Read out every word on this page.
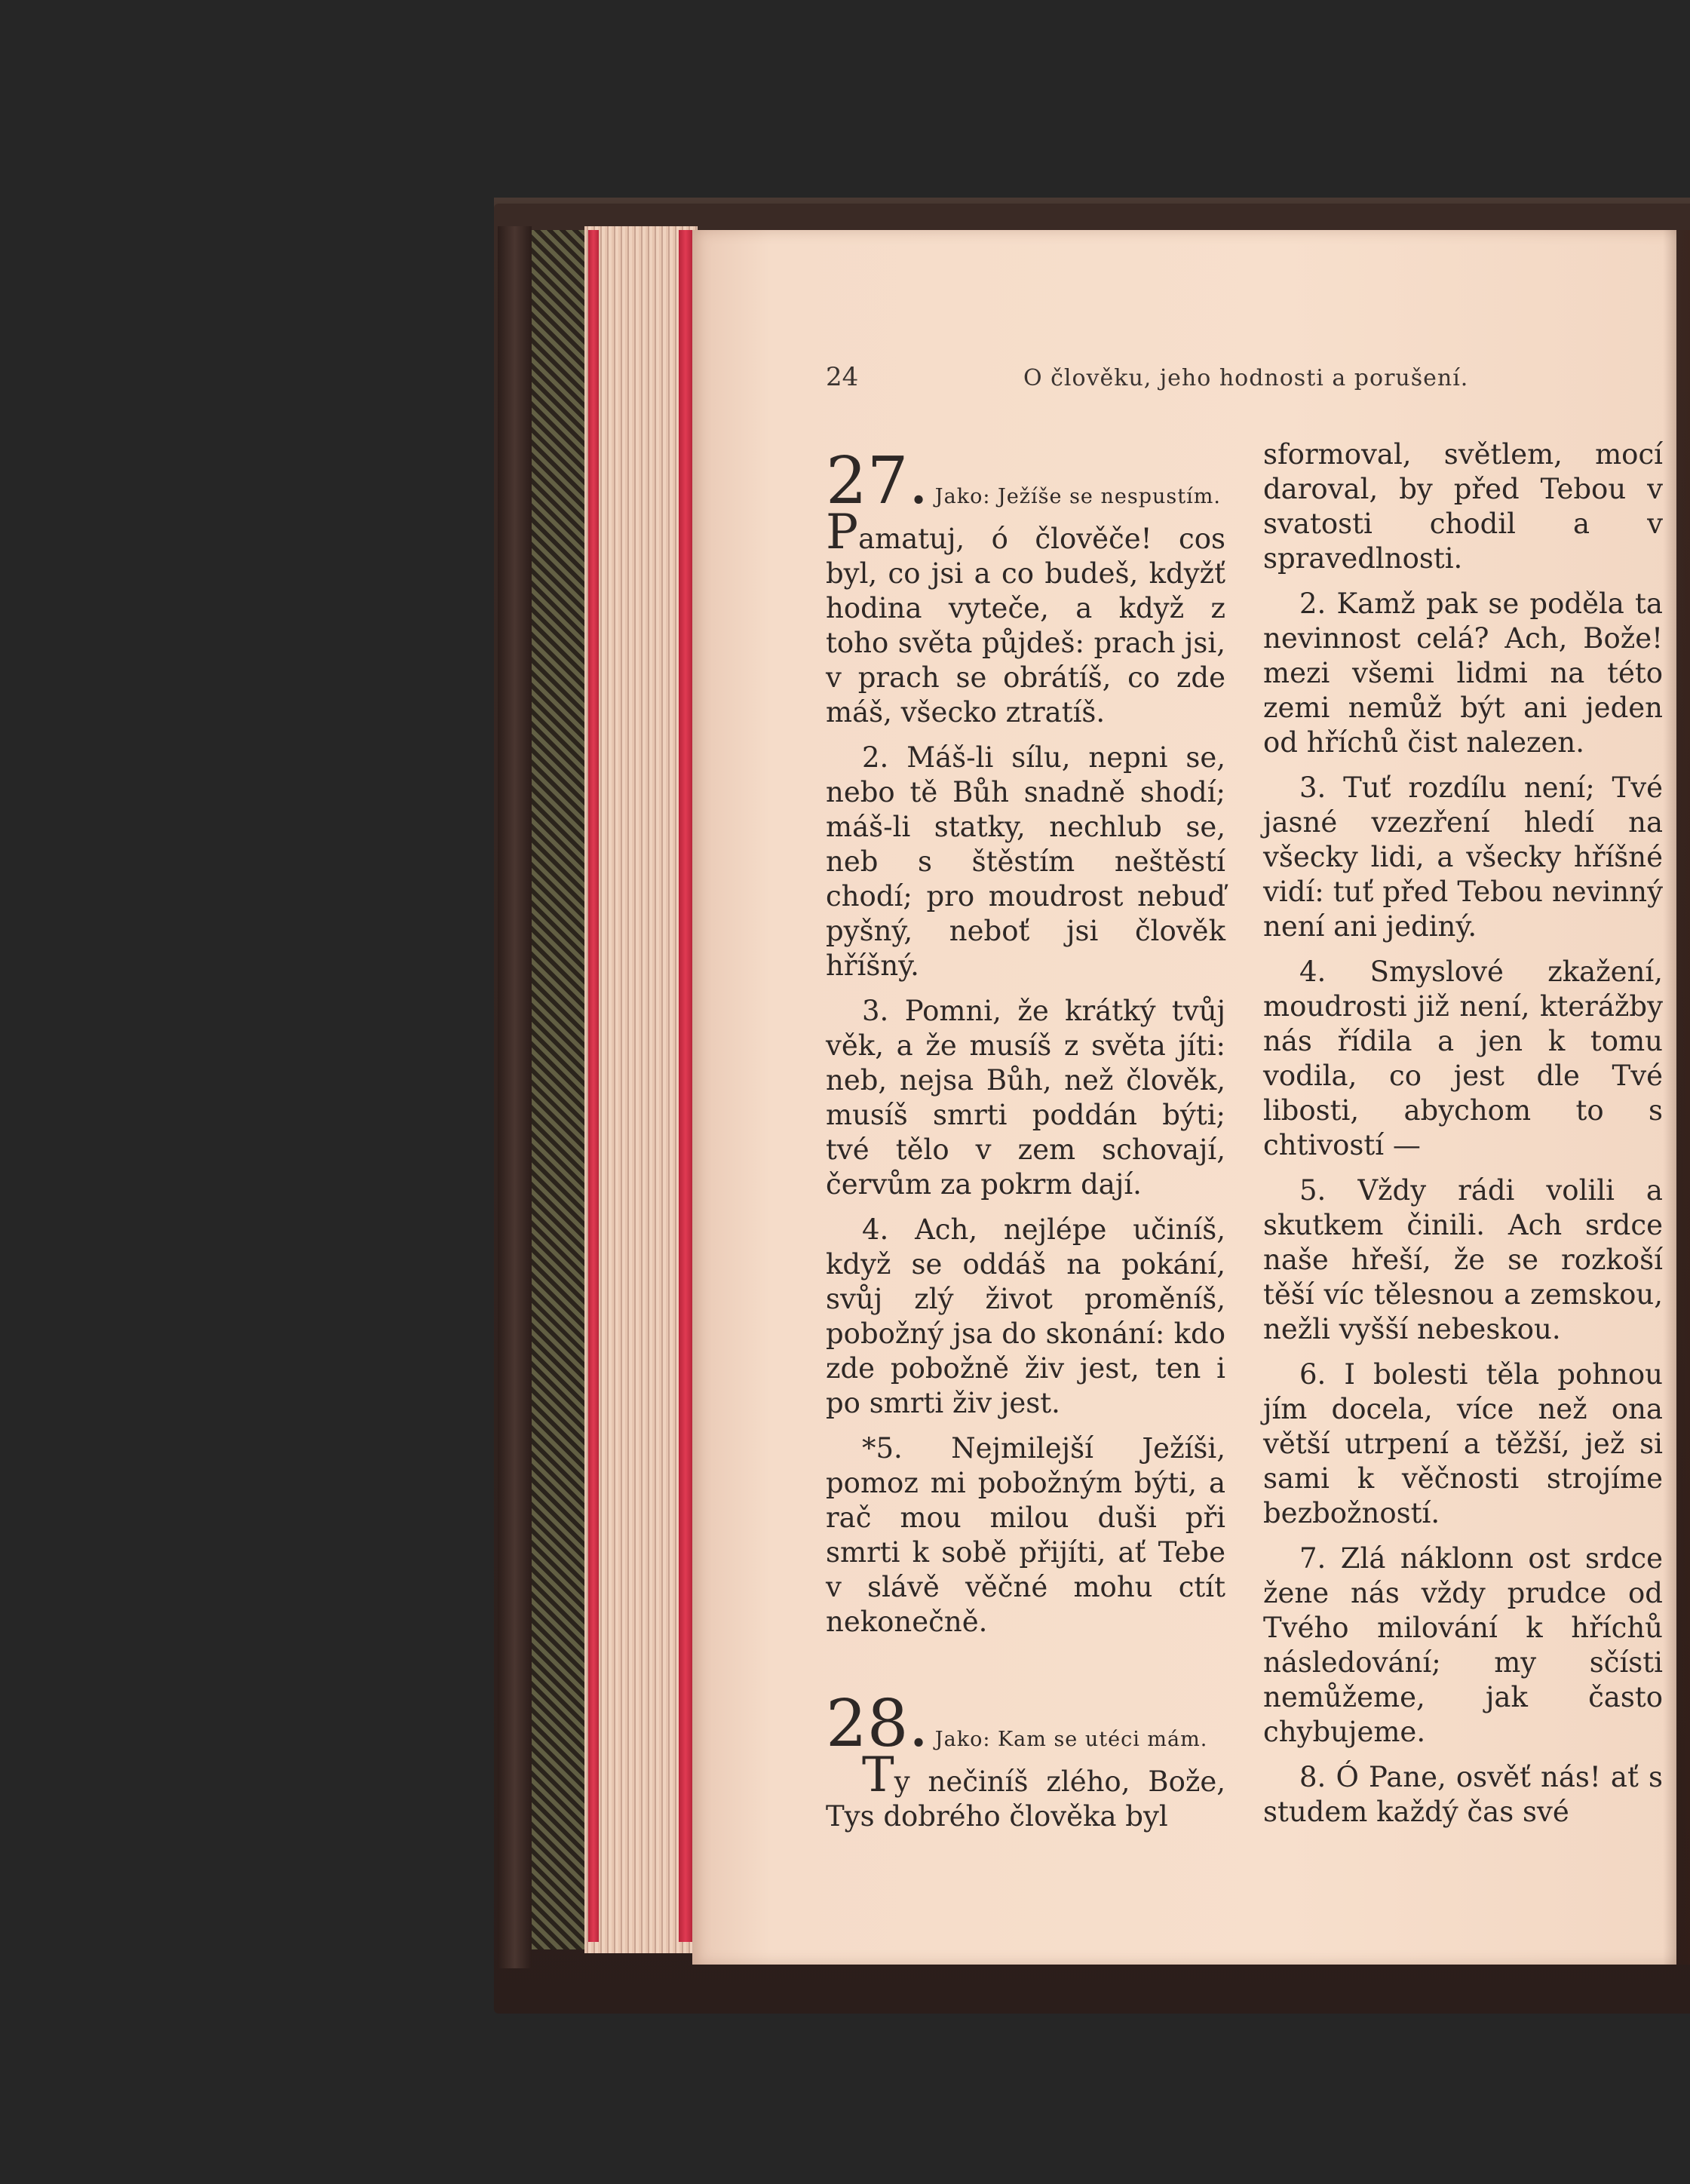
24	O člověku, jeho hodnosti a porušení.
27. Jako: Ježíše se nespustím.

Pamatuj, ó člověče! cos byl, co jsi a co budeš, kdyžť hodina vyteče, a když z toho světa půjdeš: prach jsi, v prach se obrátíš, co zde máš, všecko ztratíš.

2. Máš-li sílu, nepni se, nebo tě Bůh snadně shodí; máš-li statky, nechlub se, neb s štěstím neštěstí chodí; pro moudrost nebuď pyšný, neboť jsi člověk hříšný.

3. Pomni, že krátký tvůj věk, a že musíš z světa jíti: neb, nejsa Bůh, než člověk, musíš smrti poddán býti; tvé tělo v zem schovají, červům za pokrm dají.

4. Ach, nejlépe učiníš, když se oddáš na pokání, svůj zlý život proměníš, pobožný jsa do skonání: kdo zde pobožně živ jest, ten i po smrti živ jest.

*5. Nejmilejší Ježíši, pomoz mi pobožným býti, a rač mou milou duši při smrti k sobě přijíti, ať Tebe v slávě věčné mohu ctít nekonečně.

28. Jako: Kam se utéci mám.

Ty nečiníš zlého, Bože, Tys dobrého člověka byl

sformoval, světlem, mocí daroval, by před Tebou v svatosti chodil a v spravedlnosti.

2. Kamž pak se poděla ta nevinnost celá? Ach, Bože! mezi všemi lidmi na této zemi nemůž být ani jeden od hříchů čist nalezen.

3. Tuť rozdílu není; Tvé jasné vzezření hledí na všecky lidi, a všecky hříšné vidí: tuť před Tebou nevinný není ani jediný.

4. Smyslové zkažení, moudrosti již není, kterážby nás řídila a jen k tomu vodila, co jest dle Tvé libosti, abychom to s chtivostí —

5. Vždy rádi volili a skutkem činili. Ach srdce naše hřeší, že se rozkoší těší víc tělesnou a zemskou, nežli vyšší nebeskou.

6. I bolesti těla pohnou jím docela, více než ona větší utrpení a těžší, jež si sami k věčnosti strojíme bezbožností.

7. Zlá náklonn ost srdce žene nás vždy prudce od Tvého milování k hříchů následování; my sčísti nemůžeme, jak často chybujeme.

8. Ó Pane, osvěť nás! ať s studem každý čas své
